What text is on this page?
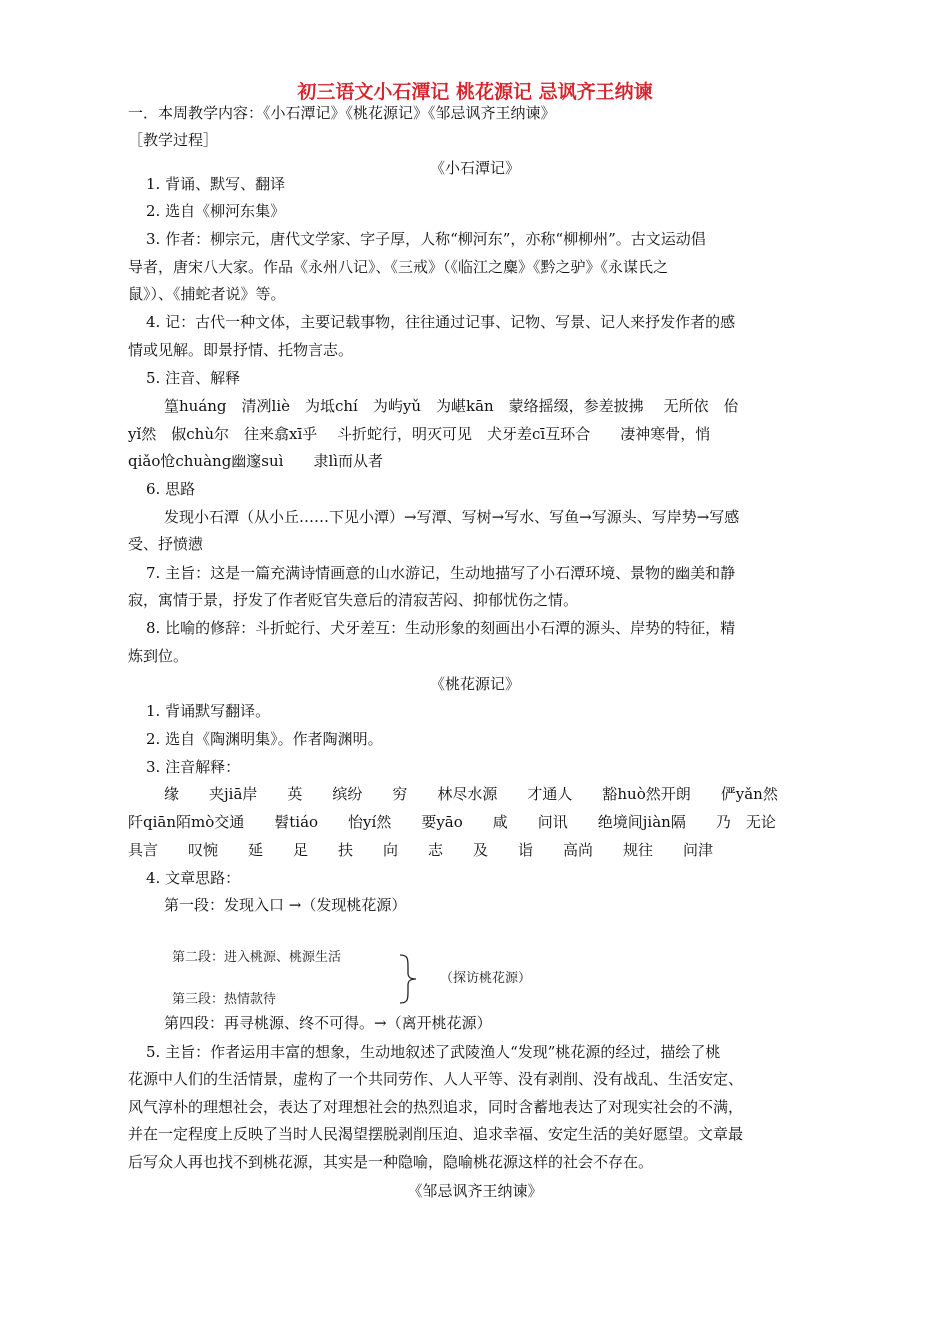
初三语文小石潭记 桃花源记 忌讽齐王纳谏
一．本周教学内容：《小石潭记》《桃花源记》《邹忌讽齐王纳谏》
［教学过程］
《小石潭记》
1. 背诵、默写、翻译
2. 选自《柳河东集》
3. 作者：柳宗元，唐代文学家、字子厚，人称“柳河东”，亦称“柳柳州”。古文运动倡
导者，唐宋八大家。作品《永州八记》、《三戒》（《临江之麋》《黔之驴》《永谋氏之
鼠》）、《捕蛇者说》等。
4. 记：古代一种文体，主要记载事物，往往通过记事、记物、写景、记人来抒发作者的感
情或见解。即景抒情、托物言志。
5. 注音、解释
篁huáng　清冽liè　为坻chí　为屿yǔ　为嵁kān　蒙络摇缀，参差披拂　 无所依　佁
yǐ然　俶chù尔　往来翕xī乎　 斗折蛇行，明灭可见　犬牙差cī互环合　　凄神寒骨，悄
qiǎo怆chuàng幽邃suì　　隶lì而从者
6. 思路
发现小石潭（从小丘……下见小潭）→写潭、写树→写水、写鱼→写源头、写岸势→写感
受、抒愤懑
7. 主旨：这是一篇充满诗情画意的山水游记，生动地描写了小石潭环境、景物的幽美和静
寂，寓情于景，抒发了作者贬官失意后的清寂苦闷、抑郁忧伤之情。
8. 比喻的修辞：斗折蛇行、犬牙差互：生动形象的刻画出小石潭的源头、岸势的特征，精
炼到位。
《桃花源记》
1. 背诵默写翻译。
2. 选自《陶渊明集》。作者陶渊明。
3. 注音解释：
缘　　夹jiā岸　　英　　缤纷　　穷　　林尽水源　　才通人　　豁huò然开朗　　俨yǎn然
阡qiān陌mò交通　　髫tiáo　　怡yí然　　要yāo　　咸　　问讯　　绝境间jiàn隔　　乃　无论
具言　　叹惋　　延　　足　　扶　　向　　志　　及　　诣　　高尚　　规往　　问津
4. 文章思路：
第一段：发现入口 →（发现桃花源）
第二段：进入桃源、桃源生活
第三段：热情款待
（探访桃花源）
第四段：再寻桃源、终不可得。→（离开桃花源）
5. 主旨：作者运用丰富的想象，生动地叙述了武陵渔人“发现”桃花源的经过，描绘了桃
花源中人们的生活情景，虚构了一个共同劳作、人人平等、没有剥削、没有战乱、生活安定、
风气淳朴的理想社会，表达了对理想社会的热烈追求，同时含蓄地表达了对现实社会的不满，
并在一定程度上反映了当时人民渴望摆脱剥削压迫、追求幸福、安定生活的美好愿望。文章最
后写众人再也找不到桃花源，其实是一种隐喻，隐喻桃花源这样的社会不存在。
《邹忌讽齐王纳谏》
